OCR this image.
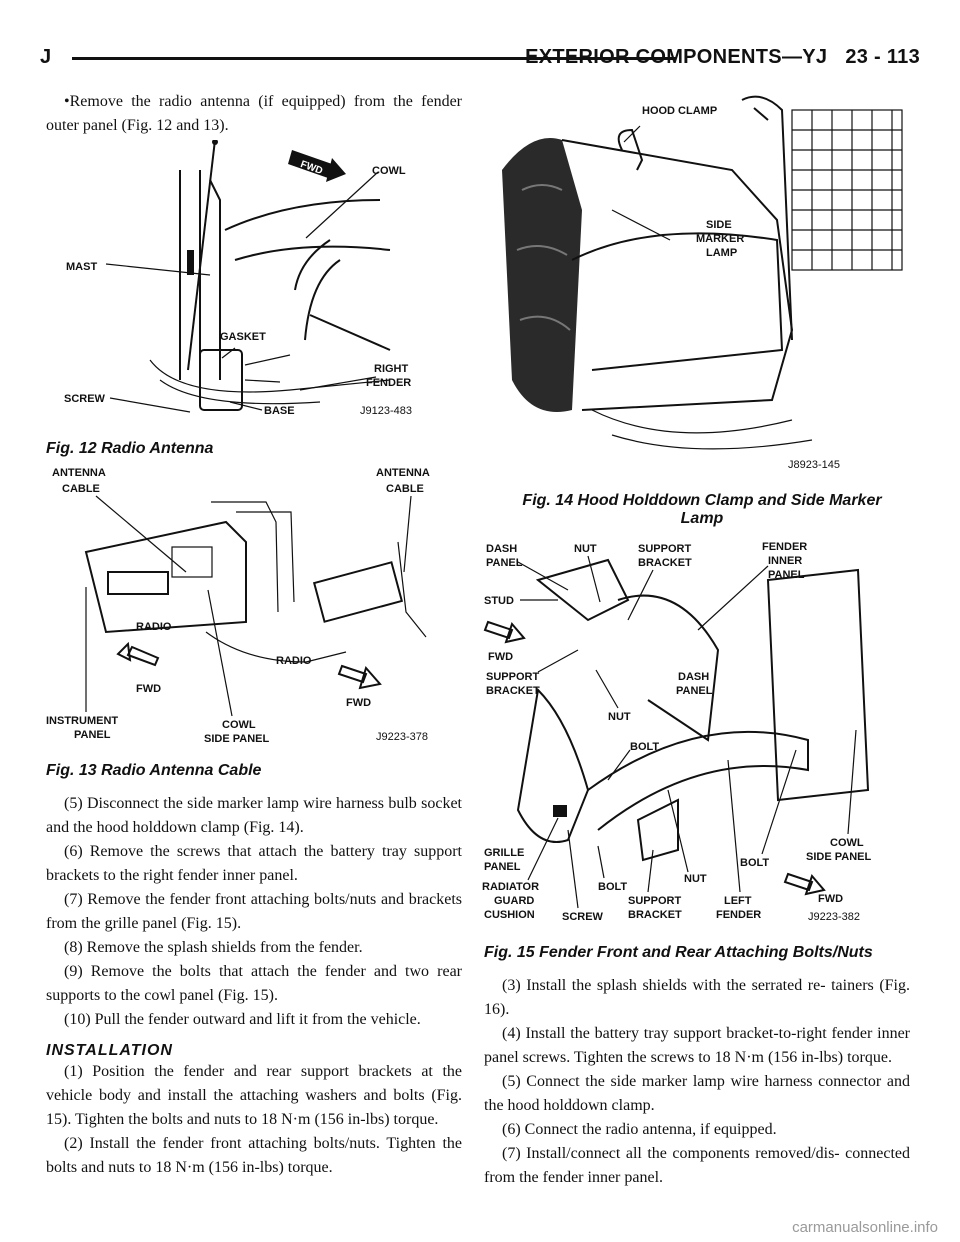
J	EXTERIOR COMPONENTS—YJ 23 - 113

•Remove the radio antenna (if equipped) from the fender outer panel (Fig. 12 and 13).

FWD	COWL
MAST
GASKET
RIGHT
FENDER
SCREW
BASE	J9123-483
Fig. 12 Radio Antenna
ANTENNA
CABLE
ANTENNA
CABLE
RADIO
RADIO
FWD
FWD
INSTRUMENT
PANEL
COWL
SIDE PANEL	J9223-378
Fig. 13 Radio Antenna Cable

(5) Disconnect the side marker lamp wire harness bulb socket and the hood holddown clamp (Fig. 14).

(6) Remove the screws that attach the battery tray support brackets to the right fender inner panel.

(7) Remove the fender front attaching bolts/nuts and brackets from the grille panel (Fig. 15).

(8) Remove the splash shields from the fender.

(9) Remove the bolts that attach the fender and two rear supports to the cowl panel (Fig. 15).

(10) Pull the fender outward and lift it from the vehicle.

INSTALLATION

(1) Position the fender and rear support brackets at the vehicle body and install the attaching washers and bolts (Fig. 15). Tighten the bolts and nuts to 18 N·m (156 in-lbs) torque.

(2) Install the fender front attaching bolts/nuts. Tighten the bolts and nuts to 18 N·m (156 in-lbs) torque.

HOOD CLAMP
SIDE
MARKER
LAMP
J8923-145
Fig. 14 Hood Holddown Clamp and Side Marker
Lamp
DASH
PANEL
NUT	SUPPORT
BRACKET
FENDER
INNER
PANEL
STUD
FWD
SUPPORT
BRACKET
DASH
PANEL
NUT
BOLT
GRILLE
PANEL
NUT
BOLT
COWL
SIDE PANEL
FWD
BOLT
RADIATOR
GUARD
CUSHION SCREW
SUPPORT
BRACKET
LEFT
FENDER	J9223-382
Fig. 15 Fender Front and Rear Attaching Bolts/Nuts

(3) Install the splash shields with the serrated re- tainers (Fig. 16).

(4) Install the battery tray support bracket-to-right fender inner panel screws. Tighten the screws to 18 N·m (156 in-lbs) torque.

(5) Connect the side marker lamp wire harness connector and the hood holddown clamp.

(6) Connect the radio antenna, if equipped.

(7) Install/connect all the components removed/dis- connected from the fender inner panel.

carmanualsonline.info
